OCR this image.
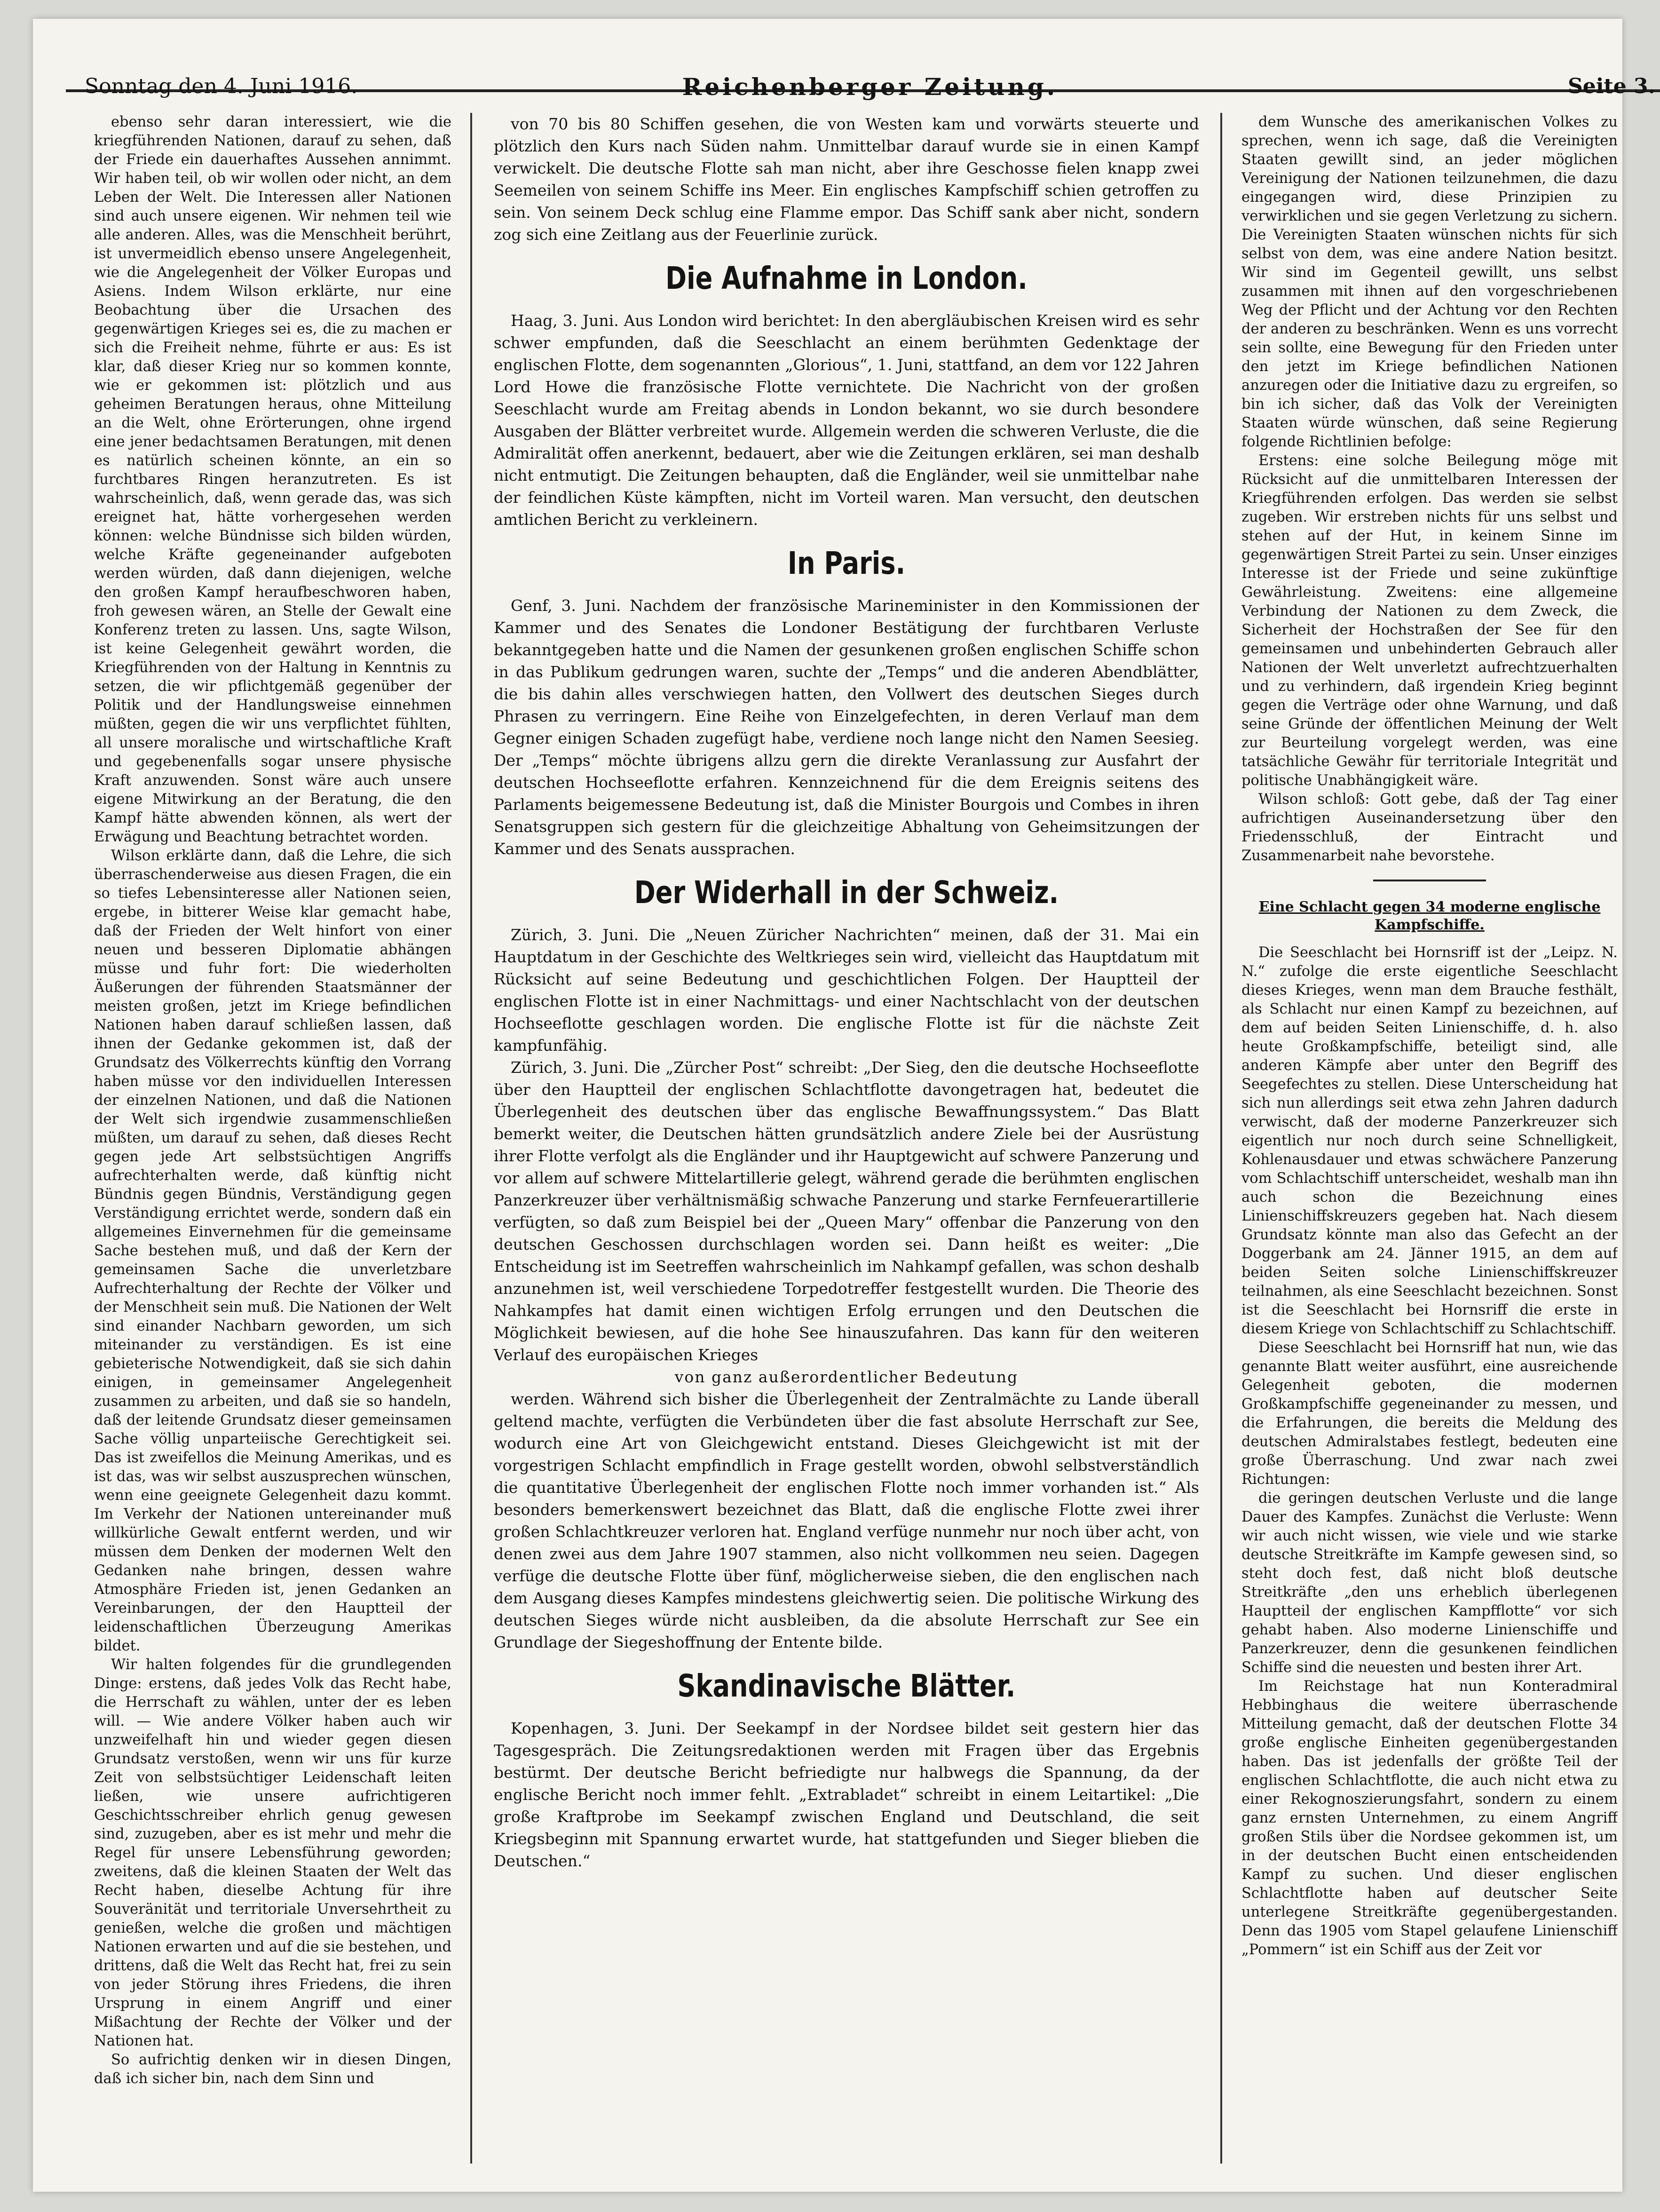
Sonntag den 4. Juni 1916.	Reichenberger Zeitung.	Seite 3.

ebenso sehr daran interessiert, wie die kriegführenden Nationen, darauf zu sehen, daß der Friede ein dauerhaftes Aussehen annimmt. Wir haben teil, ob wir wollen oder nicht, an dem Leben der Welt. Die Interessen aller Nationen sind auch unsere eigenen. Wir nehmen teil wie alle anderen. Alles, was die Menschheit berührt, ist unvermeidlich ebenso unsere Angelegenheit, wie die Angelegenheit der Völker Europas und Asiens. Indem Wilson erklärte, nur eine Beobachtung über die Ursachen des gegenwärtigen Krieges sei es, die zu machen er sich die Freiheit nehme, führte er aus: Es ist klar, daß dieser Krieg nur so kommen konnte, wie er gekommen ist: plötzlich und aus geheimen Beratungen heraus, ohne Mitteilung an die Welt, ohne Erörterungen, ohne irgend eine jener bedachtsamen Beratungen, mit denen es natürlich scheinen könnte, an ein so furchtbares Ringen heranzutreten. Es ist wahrscheinlich, daß, wenn gerade das, was sich ereignet hat, hätte vorhergesehen werden können: welche Bündnisse sich bilden würden, welche Kräfte gegeneinander aufgeboten werden würden, daß dann diejenigen, welche den großen Kampf heraufbeschworen haben, froh gewesen wären, an Stelle der Gewalt eine Konferenz treten zu lassen. Uns, sagte Wilson, ist keine Gelegenheit gewährt worden, die Kriegführenden von der Haltung in Kenntnis zu setzen, die wir pflichtgemäß gegenüber der Politik und der Handlungsweise einnehmen müßten, gegen die wir uns verpflichtet fühlten, all unsere moralische und wirtschaftliche Kraft und gegebenenfalls sogar unsere physische Kraft anzuwenden. Sonst wäre auch unsere eigene Mitwirkung an der Beratung, die den Kampf hätte abwenden können, als wert der Erwägung und Beachtung betrachtet worden.

Wilson erklärte dann, daß die Lehre, die sich überraschenderweise aus diesen Fragen, die ein so tiefes Lebensinteresse aller Nationen seien, ergebe, in bitterer Weise klar gemacht habe, daß der Frieden der Welt hinfort von einer neuen und besseren Diplomatie abhängen müsse und fuhr fort: Die wiederholten Äußerungen der führenden Staatsmänner der meisten großen, jetzt im Kriege befindlichen Nationen haben darauf schließen lassen, daß ihnen der Gedanke gekommen ist, daß der Grundsatz des Völkerrechts künftig den Vorrang haben müsse vor den individuellen Interessen der einzelnen Nationen, und daß die Nationen der Welt sich irgendwie zusammenschließen müßten, um darauf zu sehen, daß dieses Recht gegen jede Art selbstsüchtigen Angriffs aufrechterhalten werde, daß künftig nicht Bündnis gegen Bündnis, Verständigung gegen Verständigung errichtet werde, sondern daß ein allgemeines Einvernehmen für die gemeinsame Sache bestehen muß, und daß der Kern der gemeinsamen Sache die unverletzbare Aufrechterhaltung der Rechte der Völker und der Menschheit sein muß. Die Nationen der Welt sind einander Nachbarn geworden, um sich miteinander zu verständigen. Es ist eine gebieterische Notwendigkeit, daß sie sich dahin einigen, in gemeinsamer Angelegenheit zusammen zu arbeiten, und daß sie so handeln, daß der leitende Grundsatz dieser gemeinsamen Sache völlig unparteiische Gerechtigkeit sei. Das ist zweifellos die Meinung Amerikas, und es ist das, was wir selbst auszusprechen wünschen, wenn eine geeignete Gelegenheit dazu kommt. Im Verkehr der Nationen untereinander muß willkürliche Gewalt entfernt werden, und wir müssen dem Denken der modernen Welt den Gedanken nahe bringen, dessen wahre Atmosphäre Frieden ist, jenen Gedanken an Vereinbarungen, der den Hauptteil der leidenschaftlichen Überzeugung Amerikas bildet.

Wir halten folgendes für die grundlegenden Dinge: erstens, daß jedes Volk das Recht habe, die Herrschaft zu wählen, unter der es leben will. — Wie andere Völker haben auch wir unzweifelhaft hin und wieder gegen diesen Grundsatz verstoßen, wenn wir uns für kurze Zeit von selbstsüchtiger Leidenschaft leiten ließen, wie unsere aufrichtigeren Geschichtsschreiber ehrlich genug gewesen sind, zuzugeben, aber es ist mehr und mehr die Regel für unsere Lebensführung geworden; zweitens, daß die kleinen Staaten der Welt das Recht haben, dieselbe Achtung für ihre Souveränität und territoriale Unversehrtheit zu genießen, welche die großen und mächtigen Nationen erwarten und auf die sie bestehen, und drittens, daß die Welt das Recht hat, frei zu sein von jeder Störung ihres Friedens, die ihren Ursprung in einem Angriff und einer Mißachtung der Rechte der Völker und der Nationen hat.

So aufrichtig denken wir in diesen Dingen, daß ich sicher bin, nach dem Sinn und

von 70 bis 80 Schiffen gesehen, die von Westen kam und vorwärts steuerte und plötzlich den Kurs nach Süden nahm. Unmittelbar darauf wurde sie in einen Kampf verwickelt. Die deutsche Flotte sah man nicht, aber ihre Geschosse fielen knapp zwei Seemeilen von seinem Schiffe ins Meer. Ein englisches Kampfschiff schien getroffen zu sein. Von seinem Deck schlug eine Flamme empor. Das Schiff sank aber nicht, sondern zog sich eine Zeitlang aus der Feuerlinie zurück.

Die Aufnahme in London.

Haag, 3. Juni. Aus London wird berichtet: In den abergläubischen Kreisen wird es sehr schwer empfunden, daß die Seeschlacht an einem berühmten Gedenktage der englischen Flotte, dem sogenannten „Glorious“, 1. Juni, stattfand, an dem vor 122 Jahren Lord Howe die französische Flotte vernichtete. Die Nachricht von der großen Seeschlacht wurde am Freitag abends in London bekannt, wo sie durch besondere Ausgaben der Blätter verbreitet wurde. Allgemein werden die schweren Verluste, die die Admiralität offen anerkennt, bedauert, aber wie die Zeitungen erklären, sei man deshalb nicht entmutigt. Die Zeitungen behaupten, daß die Engländer, weil sie unmittelbar nahe der feindlichen Küste kämpften, nicht im Vorteil waren. Man versucht, den deutschen amtlichen Bericht zu verkleinern.

In Paris.

Genf, 3. Juni. Nachdem der französische Marineminister in den Kommissionen der Kammer und des Senates die Londoner Bestätigung der furchtbaren Verluste bekanntgegeben hatte und die Namen der gesunkenen großen englischen Schiffe schon in das Publikum gedrungen waren, suchte der „Temps“ und die anderen Abendblätter, die bis dahin alles verschwiegen hatten, den Vollwert des deutschen Sieges durch Phrasen zu verringern. Eine Reihe von Einzelgefechten, in deren Verlauf man dem Gegner einigen Schaden zugefügt habe, verdiene noch lange nicht den Namen Seesieg. Der „Temps“ möchte übrigens allzu gern die direkte Veranlassung zur Ausfahrt der deutschen Hochseeflotte erfahren. Kennzeichnend für die dem Ereignis seitens des Parlaments beigemessene Bedeutung ist, daß die Minister Bourgois und Combes in ihren Senatsgruppen sich gestern für die gleichzeitige Abhaltung von Geheimsitzungen der Kammer und des Senats aussprachen.

Der Widerhall in der Schweiz.

Zürich, 3. Juni. Die „Neuen Züricher Nachrichten“ meinen, daß der 31. Mai ein Hauptdatum in der Geschichte des Weltkrieges sein wird, vielleicht das Hauptdatum mit Rücksicht auf seine Bedeutung und geschichtlichen Folgen. Der Hauptteil der englischen Flotte ist in einer Nachmittags- und einer Nachtschlacht von der deutschen Hochseeflotte geschlagen worden. Die englische Flotte ist für die nächste Zeit kampfunfähig.

Zürich, 3. Juni. Die „Zürcher Post“ schreibt: „Der Sieg, den die deutsche Hochseeflotte über den Hauptteil der englischen Schlachtflotte davongetragen hat, bedeutet die Überlegenheit des deutschen über das englische Bewaffnungssystem.“ Das Blatt bemerkt weiter, die Deutschen hätten grundsätzlich andere Ziele bei der Ausrüstung ihrer Flotte verfolgt als die Engländer und ihr Hauptgewicht auf schwere Panzerung und vor allem auf schwere Mittelartillerie gelegt, während gerade die berühmten englischen Panzerkreuzer über verhältnismäßig schwache Panzerung und starke Fernfeuerartillerie verfügten, so daß zum Beispiel bei der „Queen Mary“ offenbar die Panzerung von den deutschen Geschossen durchschlagen worden sei. Dann heißt es weiter: „Die Entscheidung ist im Seetreffen wahrscheinlich im Nahkampf gefallen, was schon deshalb anzunehmen ist, weil verschiedene Torpedotreffer festgestellt wurden. Die Theorie des Nahkampfes hat damit einen wichtigen Erfolg errungen und den Deutschen die Möglichkeit bewiesen, auf die hohe See hinauszufahren. Das kann für den weiteren Verlauf des europäischen Krieges

von ganz außerordentlicher Bedeutung

werden. Während sich bisher die Überlegenheit der Zentralmächte zu Lande überall geltend machte, verfügten die Verbündeten über die fast absolute Herrschaft zur See, wodurch eine Art von Gleichgewicht entstand. Dieses Gleichgewicht ist mit der vorgestrigen Schlacht empfindlich in Frage gestellt worden, obwohl selbstverständlich die quantitative Überlegenheit der englischen Flotte noch immer vorhanden ist.“ Als besonders bemerkenswert bezeichnet das Blatt, daß die englische Flotte zwei ihrer großen Schlachtkreuzer verloren hat. England verfüge nunmehr nur noch über acht, von denen zwei aus dem Jahre 1907 stammen, also nicht vollkommen neu seien. Dagegen verfüge die deutsche Flotte über fünf, möglicherweise sieben, die den englischen nach dem Ausgang dieses Kampfes mindestens gleichwertig seien. Die politische Wirkung des deutschen Sieges würde nicht ausbleiben, da die absolute Herrschaft zur See ein Grundlage der Siegeshoffnung der Entente bilde.

Skandinavische Blätter.

Kopenhagen, 3. Juni. Der Seekampf in der Nordsee bildet seit gestern hier das Tagesgespräch. Die Zeitungsredaktionen werden mit Fragen über das Ergebnis bestürmt. Der deutsche Bericht befriedigte nur halbwegs die Spannung, da der englische Bericht noch immer fehlt. „Extrabladet“ schreibt in einem Leitartikel: „Die große Kraftprobe im Seekampf zwischen England und Deutschland, die seit Kriegsbeginn mit Spannung erwartet wurde, hat stattgefunden und Sieger blieben die Deutschen.“

dem Wunsche des amerikanischen Volkes zu sprechen, wenn ich sage, daß die Vereinigten Staaten gewillt sind, an jeder möglichen Vereinigung der Nationen teilzunehmen, die dazu eingegangen wird, diese Prinzipien zu verwirklichen und sie gegen Verletzung zu sichern. Die Vereinigten Staaten wünschen nichts für sich selbst von dem, was eine andere Nation besitzt. Wir sind im Gegenteil gewillt, uns selbst zusammen mit ihnen auf den vorgeschriebenen Weg der Pflicht und der Achtung vor den Rechten der anderen zu beschränken. Wenn es uns vorrecht sein sollte, eine Bewegung für den Frieden unter den jetzt im Kriege befindlichen Nationen anzuregen oder die Initiative dazu zu ergreifen, so bin ich sicher, daß das Volk der Vereinigten Staaten würde wünschen, daß seine Regierung folgende Richtlinien befolge:

Erstens: eine solche Beilegung möge mit Rücksicht auf die unmittelbaren Interessen der Kriegführenden erfolgen. Das werden sie selbst zugeben. Wir erstreben nichts für uns selbst und stehen auf der Hut, in keinem Sinne im gegenwärtigen Streit Partei zu sein. Unser einziges Interesse ist der Friede und seine zukünftige Gewährleistung. Zweitens: eine allgemeine Verbindung der Nationen zu dem Zweck, die Sicherheit der Hochstraßen der See für den gemeinsamen und unbehinderten Gebrauch aller Nationen der Welt unverletzt aufrechtzuerhalten und zu verhindern, daß irgendein Krieg beginnt gegen die Verträge oder ohne Warnung, und daß seine Gründe der öffentlichen Meinung der Welt zur Beurteilung vorgelegt werden, was eine tatsächliche Gewähr für territoriale Integrität und politische Unabhängigkeit wäre.

Wilson schloß: Gott gebe, daß der Tag einer aufrichtigen Auseinandersetzung über den Friedensschluß, der Eintracht und Zusammenarbeit nahe bevorstehe.

Eine Schlacht gegen 34 moderne englische Kampfschiffe.

Die Seeschlacht bei Hornsriff ist der „Leipz. N. N.“ zufolge die erste eigentliche Seeschlacht dieses Krieges, wenn man dem Brauche festhält, als Schlacht nur einen Kampf zu bezeichnen, auf dem auf beiden Seiten Linienschiffe, d. h. also heute Großkampfschiffe, beteiligt sind, alle anderen Kämpfe aber unter den Begriff des Seegefechtes zu stellen. Diese Unterscheidung hat sich nun allerdings seit etwa zehn Jahren dadurch verwischt, daß der moderne Panzerkreuzer sich eigentlich nur noch durch seine Schnelligkeit, Kohlenausdauer und etwas schwächere Panzerung vom Schlachtschiff unterscheidet, weshalb man ihn auch schon die Bezeichnung eines Linienschiffskreuzers gegeben hat. Nach diesem Grundsatz könnte man also das Gefecht an der Doggerbank am 24. Jänner 1915, an dem auf beiden Seiten solche Linienschiffskreuzer teilnahmen, als eine Seeschlacht bezeichnen. Sonst ist die Seeschlacht bei Hornsriff die erste in diesem Kriege von Schlachtschiff zu Schlachtschiff.

Diese Seeschlacht bei Hornsriff hat nun, wie das genannte Blatt weiter ausführt, eine ausreichende Gelegenheit geboten, die modernen Großkampfschiffe gegeneinander zu messen, und die Erfahrungen, die bereits die Meldung des deutschen Admiralstabes festlegt, bedeuten eine große Überraschung. Und zwar nach zwei Richtungen:

die geringen deutschen Verluste und die lange Dauer des Kampfes. Zunächst die Verluste: Wenn wir auch nicht wissen, wie viele und wie starke deutsche Streitkräfte im Kampfe gewesen sind, so steht doch fest, daß nicht bloß deutsche Streitkräfte „den uns erheblich überlegenen Hauptteil der englischen Kampfflotte“ vor sich gehabt haben. Also moderne Linienschiffe und Panzerkreuzer, denn die gesunkenen feindlichen Schiffe sind die neuesten und besten ihrer Art.

Im Reichstage hat nun Konteradmiral Hebbinghaus die weitere überraschende Mitteilung gemacht, daß der deutschen Flotte 34 große englische Einheiten gegenübergestanden haben. Das ist jedenfalls der größte Teil der englischen Schlachtflotte, die auch nicht etwa zu einer Rekognoszierungsfahrt, sondern zu einem ganz ernsten Unternehmen, zu einem Angriff großen Stils über die Nordsee gekommen ist, um in der deutschen Bucht einen entscheidenden Kampf zu suchen. Und dieser englischen Schlachtflotte haben auf deutscher Seite unterlegene Streitkräfte gegenübergestanden. Denn das 1905 vom Stapel gelaufene Linienschiff „Pommern“ ist ein Schiff aus der Zeit vor
